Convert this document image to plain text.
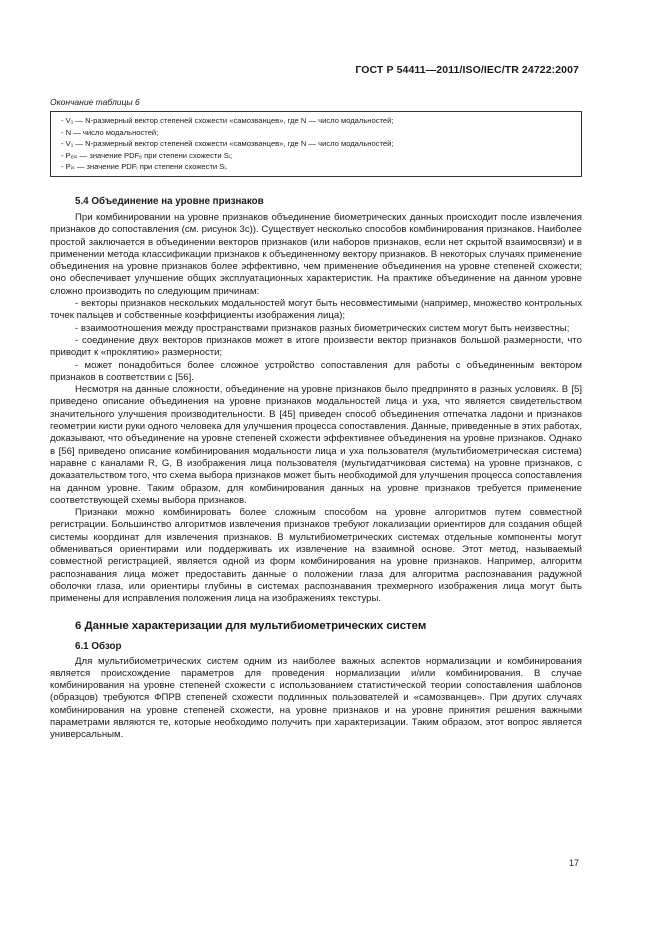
ГОСТ Р 54411—2011/ISO/IEC/TR 24722:2007
Окончание таблицы 6
- V₁ — N-размерный вектор степеней схожести «самозванцев», где N — число модальностей;
- N — число модальностей;
- V₁ — N-размерный вектор степеней схожести «самозванцев», где N — число модальностей;
- Pₑᵢₛ — значение PDFₑ при степени схожести Sᵢ;
- Pᵢₛ — значение PDFᵢ при степени схожести Sᵢ.
5.4 Объединение на уровне признаков

При комбинировании на уровне признаков объединение биометрических данных происходит после извлечения признаков до сопоставления (см. рисунок 3с)). Существует несколько способов комбинирования признаков. Наиболее простой заключается в объединении векторов признаков (или наборов признаков, если нет скрытой взаимосвязи) и в применении метода классификации признаков к объединенному вектору признаков. В некоторых случаях применение объединения на уровне признаков более эффективно, чем применение объединения на уровне степеней схожести; оно обеспечивает улучшение общих эксплуатационных характеристик. На практике объединение на данном уровне сложно производить по следующим причинам:

- векторы признаков нескольких модальностей могут быть несовместимыми (например, множество контрольных точек пальцев и собственные коэффициенты изображения лица);

- взаимоотношения между пространствами признаков разных биометрических систем могут быть неизвестны;

- соединение двух векторов признаков может в итоге произвести вектор признаков большой размерности, что приводит к «проклятию» размерности;

- может понадобиться более сложное устройство сопоставления для работы с объединенным вектором признаков в соответствии с [56].

Несмотря на данные сложности, объединение на уровне признаков было предпринято в разных условиях. В [5] приведено описание объединения на уровне признаков модальностей лица и уха, что является свидетельством значительного улучшения производительности. В [45] приведен способ объединения отпечатка ладони и признаков геометрии кисти руки одного человека для улучшения процесса сопоставления. Данные, приведенные в этих работах, доказывают, что объединение на уровне степеней схожести эффективнее объединения на уровне признаков. Однако в [56] приведено описание комбинирования модальности лица и уха пользователя (мультибиометрическая система) наравне с каналами R, G, B изображения лица пользователя (мультидатчиковая система) на уровне признаков, с доказательством того, что схема выбора признаков может быть необходимой для улучшения процесса сопоставления на данном уровне. Таким образом, для комбинирования данных на уровне признаков требуется применение соответствующей схемы выбора признаков.

Признаки можно комбинировать более сложным способом на уровне алгоритмов путем совместной регистрации. Большинство алгоритмов извлечения признаков требуют локализации ориентиров для создания общей системы координат для извлечения признаков. В мультибиометрических системах отдельные компоненты могут обмениваться ориентирами или поддерживать их извлечение на взаимной основе. Этот метод, называемый совместной регистрацией, является одной из форм комбинирования на уровне признаков. Например, алгоритм распознавания лица может предоставить данные о положении глаза для алгоритма распознавания радужной оболочки глаза, или ориентиры глубины в системах распознавания трехмерного изображения лица могут быть применены для исправления положения лица на изображениях текстуры.

6 Данные характеризации для мультибиометрических систем
6.1 Обзор

Для мультибиометрических систем одним из наиболее важных аспектов нормализации и комбинирования является происхождение параметров для проведения нормализации и/или комбинирования. В случае комбинирования на уровне степеней схожести с использованием статистической теории сопоставления шаблонов (образцов) требуются ФПРВ степеней схожести подлинных пользователей и «самозванцев». При других случаях комбинирования на уровне степеней схожести, на уровне признаков и на уровне принятия решения важными параметрами являются те, которые необходимо получить при характеризации. Таким образом, этот вопрос является универсальным.

17
